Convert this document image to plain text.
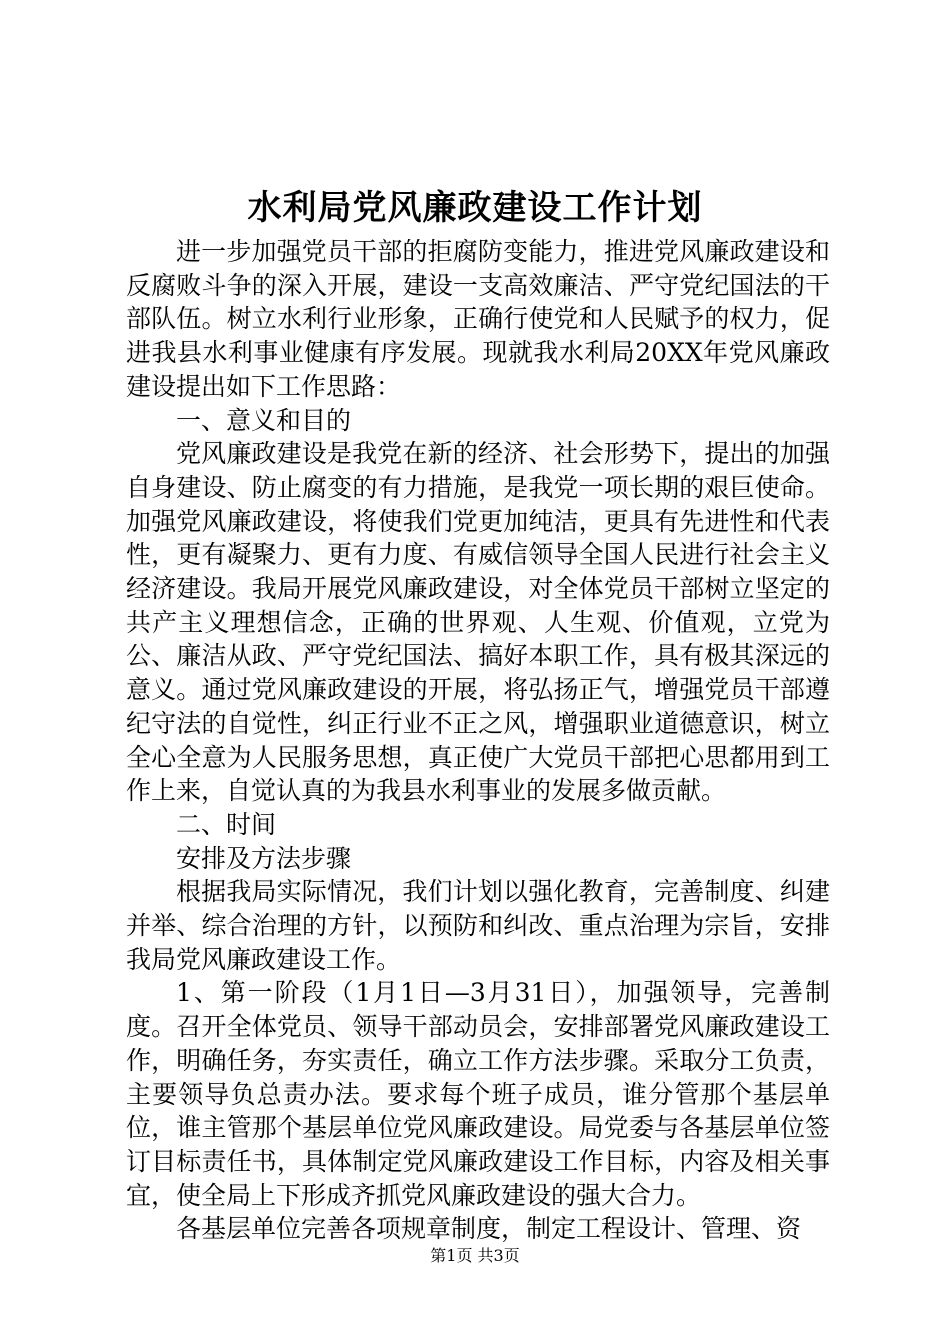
水利局党风廉政建设工作计划

进一步加强党员干部的拒腐防变能力，推进党风廉政建设和反腐败斗争的深入开展，建设一支高效廉洁、严守党纪国法的干部队伍。树立水利行业形象，正确行使党和人民赋予的权力，促进我县水利事业健康有序发展。现就我水利局20XX年党风廉政建设提出如下工作思路：

一、意义和目的

党风廉政建设是我党在新的经济、社会形势下，提出的加强自身建设、防止腐变的有力措施，是我党一项长期的艰巨使命。加强党风廉政建设，将使我们党更加纯洁，更具有先进性和代表性，更有凝聚力、更有力度、有威信领导全国人民进行社会主义经济建设。我局开展党风廉政建设，对全体党员干部树立坚定的共产主义理想信念，正确的世界观、人生观、价值观，立党为公、廉洁从政、严守党纪国法、搞好本职工作，具有极其深远的意义。通过党风廉政建设的开展，将弘扬正气，增强党员干部遵纪守法的自觉性，纠正行业不正之风，增强职业道德意识，树立全心全意为人民服务思想，真正使广大党员干部把心思都用到工作上来，自觉认真的为我县水利事业的发展多做贡献。

二、时间

安排及方法步骤

根据我局实际情况，我们计划以强化教育，完善制度、纠建并举、综合治理的方针，以预防和纠改、重点治理为宗旨，安排我局党风廉政建设工作。

1、第一阶段（1月1日—3月31日），加强领导，完善制度。召开全体党员、领导干部动员会，安排部署党风廉政建设工作，明确任务，夯实责任，确立工作方法步骤。采取分工负责，主要领导负总责办法。要求每个班子成员，谁分管那个基层单位，谁主管那个基层单位党风廉政建设。局党委与各基层单位签订目标责任书，具体制定党风廉政建设工作目标，内容及相关事宜，使全局上下形成齐抓党风廉政建设的强大合力。

各基层单位完善各项规章制度，制定工程设计、管理、资

第1页 共3页
